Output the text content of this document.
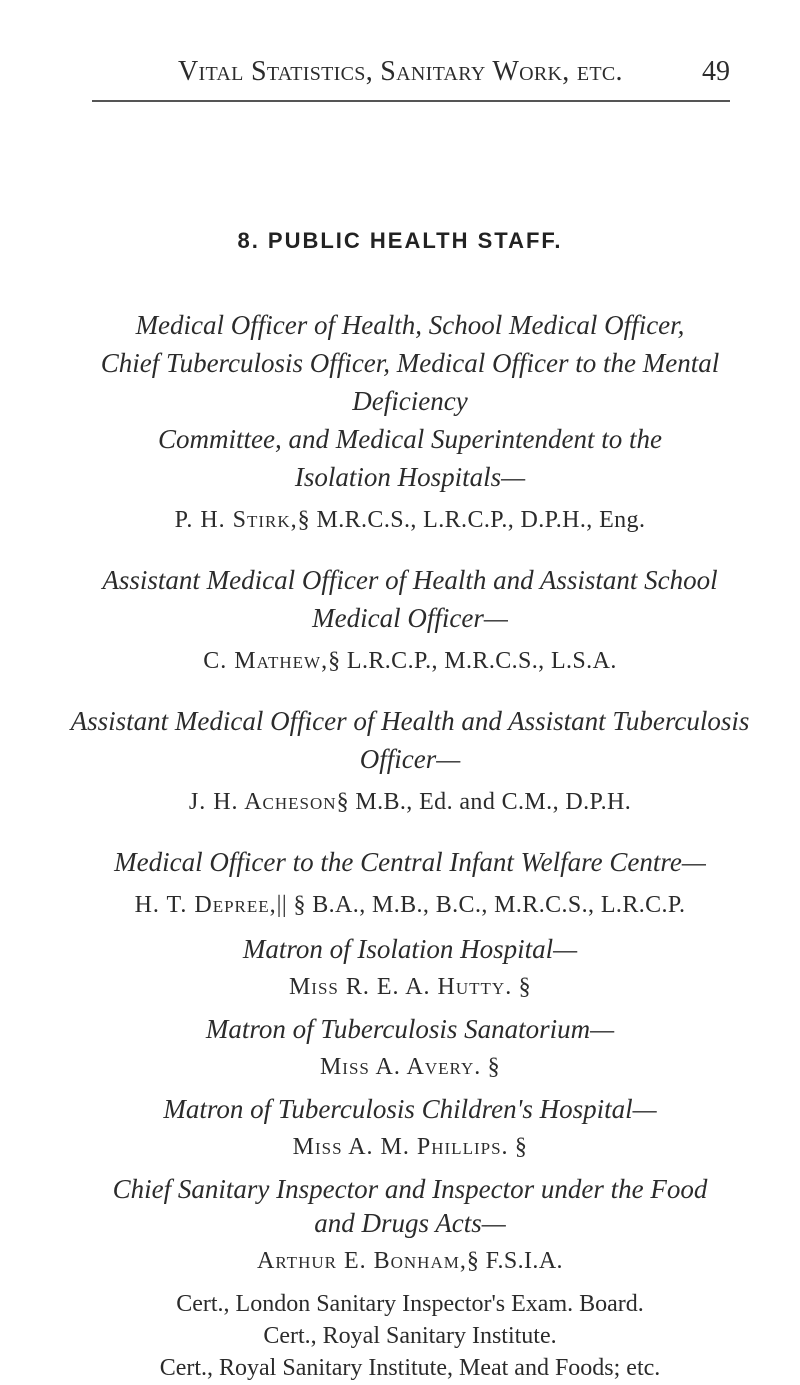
Vital Statistics, Sanitary Work, etc.	49
8. PUBLIC HEALTH STAFF.
Medical Officer of Health, School Medical Officer,
Chief Tuberculosis Officer, Medical Officer to the Mental Deficiency
Committee, and Medical Superintendent to the
Isolation Hospitals—
P. H. Stirk,§ M.R.C.S., L.R.C.P., D.P.H., Eng.
Assistant Medical Officer of Health and Assistant School
Medical Officer—
C. Mathew,§ L.R.C.P., M.R.C.S., L.S.A.
Assistant Medical Officer of Health and Assistant Tuberculosis
Officer—
J. H. Acheson§ M.B., Ed. and C.M., D.P.H.
Medical Officer to the Central Infant Welfare Centre—
H. T. Depree,|| § B.A., M.B., B.C., M.R.C.S., L.R.C.P.
Matron of Isolation Hospital—
Miss R. E. A. Hutty. §
Matron of Tuberculosis Sanatorium—
Miss A. Avery. §
Matron of Tuberculosis Children's Hospital—
Miss A. M. Phillips. §
Chief Sanitary Inspector and Inspector under the Food
and Drugs Acts—
Arthur E. Bonham,§ F.S.I.A.
Cert., London Sanitary Inspector's Exam. Board.
Cert., Royal Sanitary Institute.
Cert., Royal Sanitary Institute, Meat and Foods; etc.
